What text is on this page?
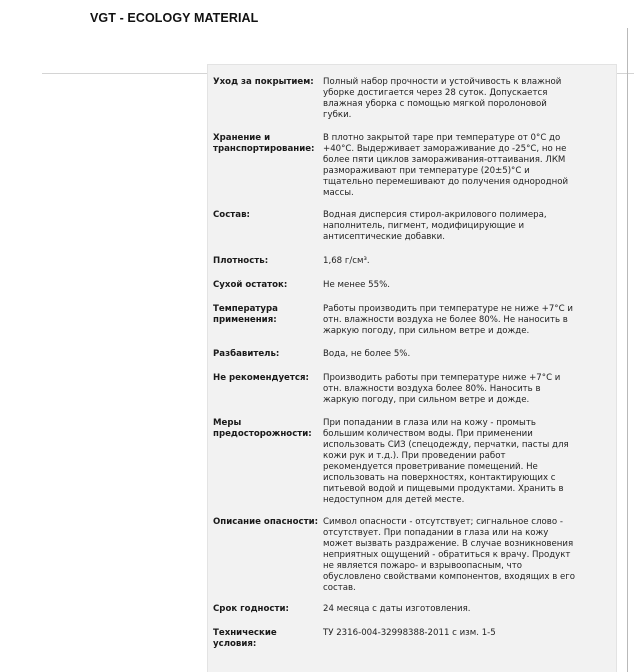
VGT - ECOLOGY MATERIAL
Уход за покрытием:	Полный набор прочности и устойчивость к влажной
уборке достигается через 28 суток. Допускается
влажная уборка с помощью мягкой поролоновой
губки.
Хранение и
транспортирование:
В плотно закрытой таре при температуре от 0°С до
+40°С. Выдерживает замораживание до -25°С, но не
более пяти циклов замораживания-оттаивания. ЛКМ
размораживают при температуре (20±5)°С и
тщательно перемешивают до получения однородной
массы.
Состав:	Водная дисперсия стирол-акрилового полимера,
наполнитель, пигмент, модифицирующие и
антисептические добавки.
Плотность:	1,68 г/см³.
Сухой остаток:	Не менее 55%.
Температура
применения:
Работы производить при температуре не ниже +7°С и
отн. влажности воздуха не более 80%. Не наносить в
жаркую погоду, при сильном ветре и дожде.
Разбавитель:	Вода, не более 5%.
Не рекомендуется:	Производить работы при температуре ниже +7°С и
отн. влажности воздуха более 80%. Наносить в
жаркую погоду, при сильном ветре и дожде.
Меры
предосторожности:
При попадании в глаза или на кожу - промыть
большим количеством воды. При применении
использовать СИЗ (спецодежду, перчатки, пасты для
кожи рук и т.д.). При проведении работ
рекомендуется проветривание помещений. Не
использовать на поверхностях, контактирующих с
питьевой водой и пищевыми продуктами. Хранить в
недоступном для детей месте.
Описание опасности: Символ опасности - отсутствует; сигнальное слово -
отсутствует. При попадании в глаза или на кожу
может вызвать раздражение. В случае возникновения
неприятных ощущений - обратиться к врачу. Продукт
не является пожаро- и взрывоопасным, что
обусловлено свойствами компонентов, входящих в его
состав.
Срок годности:	24 месяца с даты изготовления.
Технические
условия:
ТУ 2316-004-32998388-2011 с изм. 1-5
